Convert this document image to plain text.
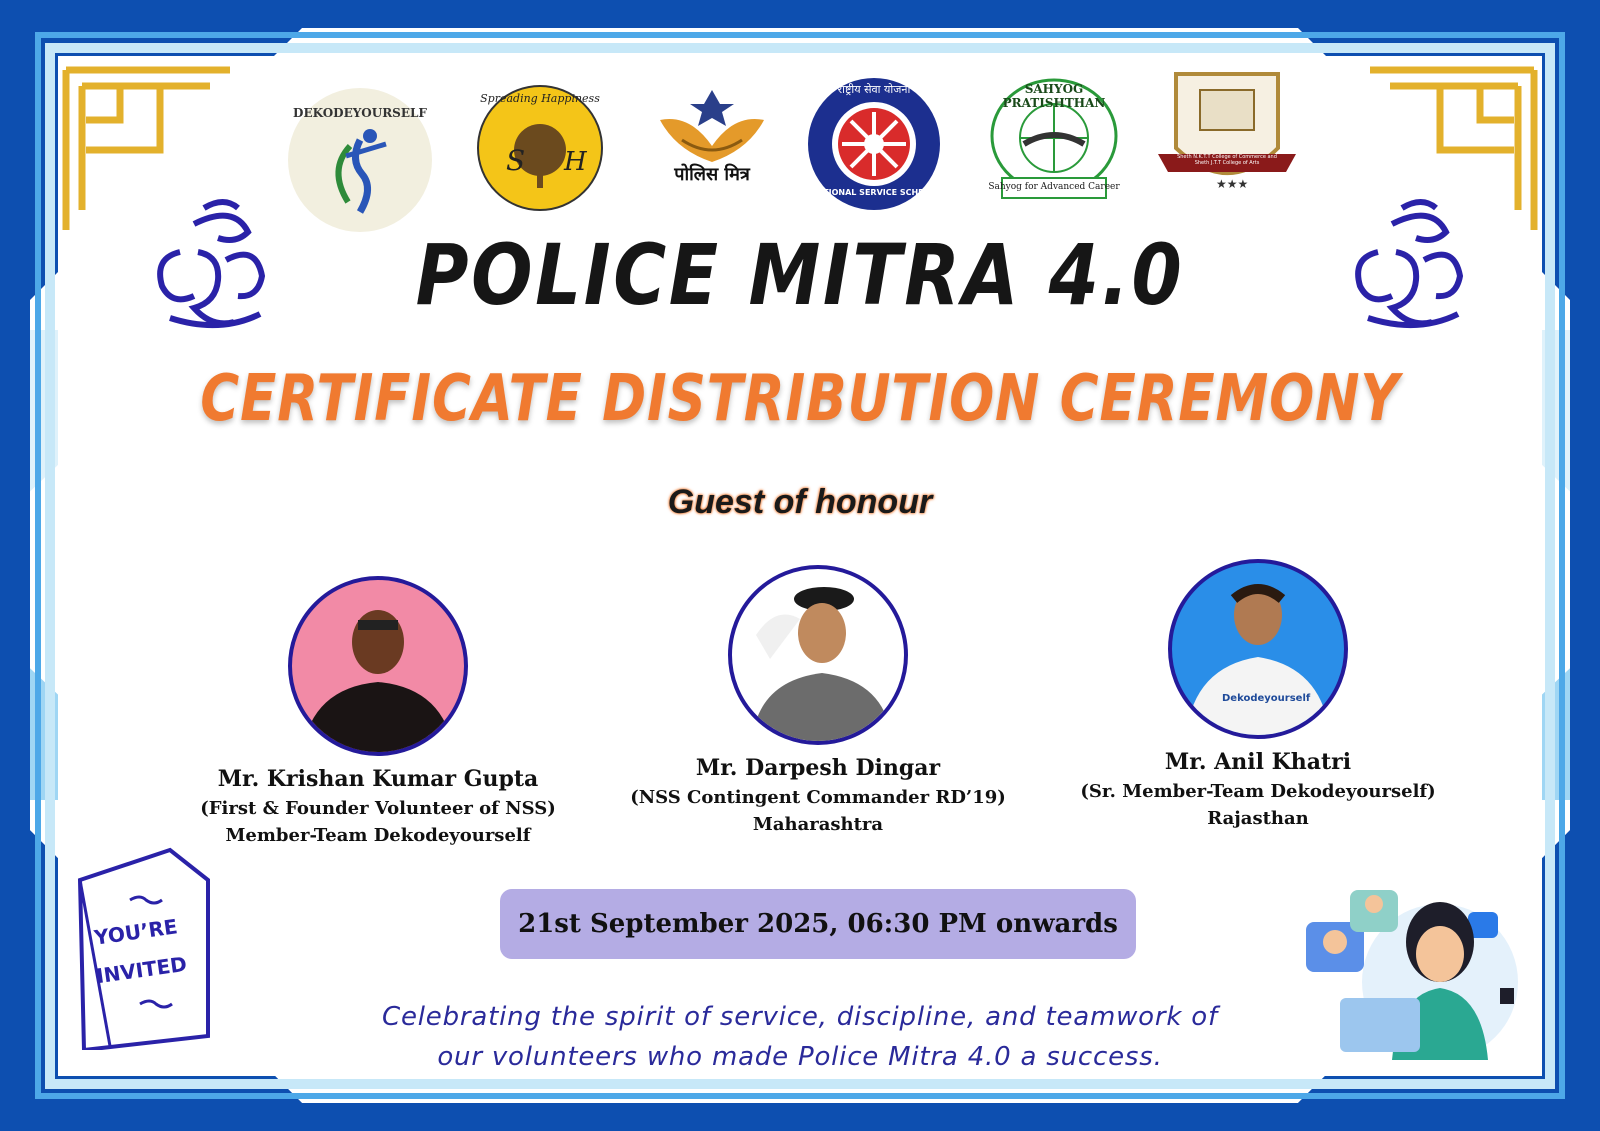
DEKODEYOURSELF
S H
Spreading Happiness
पोलिस मित्र
राष्ट्रीय सेवा योजना
NATIONAL SERVICE SCHEME
SAHYOG PRATISHTHAN
Sahyog for Advanced Career	★★★
Sheth N.K.T.T College of Commerce and Sheth J.T.T College of Arts
POLICE MITRA 4.0
CERTIFICATE DISTRIBUTION CEREMONY
Guest of honour
Mr. Krishan Kumar Gupta
(First & Founder Volunteer of NSS)
Member-Team Dekodeyourself
Mr. Darpesh Dingar
(NSS Contingent Commander RD’19)
Maharashtra
Dekodeyourself
Mr. Anil Khatri
(Sr. Member-Team Dekodeyourself)
Rajasthan
YOU’RE
INVITED
21st September 2025, 06:30 PM onwards
Celebrating the spirit of service, discipline, and teamwork of
our volunteers who made Police Mitra 4.0 a success.
